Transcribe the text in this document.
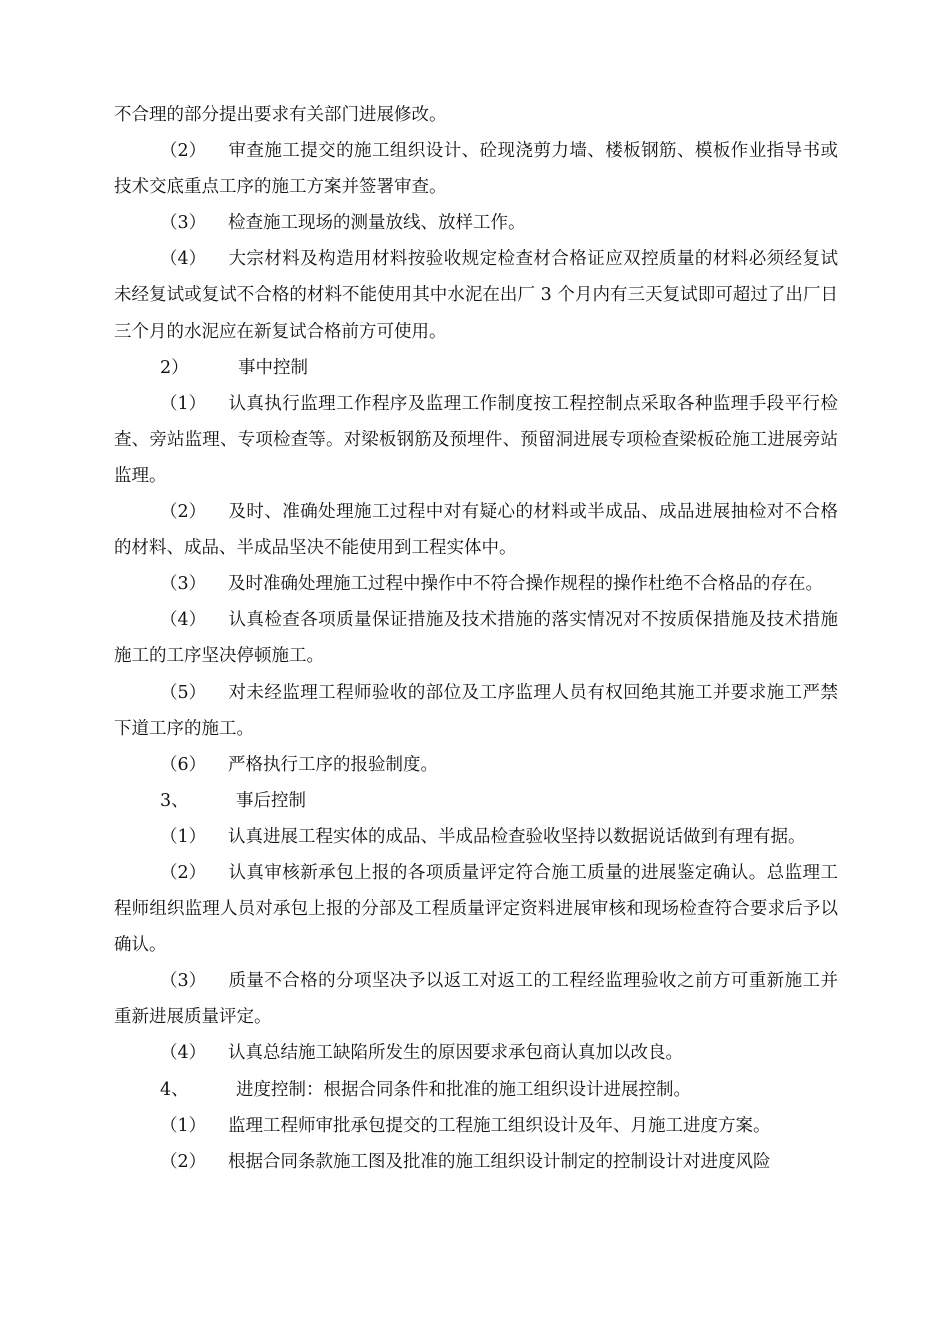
不合理的部分提出要求有关部门进展修改。

（2） 审查施工提交的施工组织设计、砼现浇剪力墙、楼板钢筋、模板作业指导书或技术交底重点工序的施工方案并签署审查。

（3） 检查施工现场的测量放线、放样工作。

（4） 大宗材料及构造用材料按验收规定检查材合格证应双控质量的材料必须经复试未经复试或复试不合格的材料不能使用其中水泥在出厂 3 个月内有三天复试即可超过了出厂日三个月的水泥应在新复试合格前方可使用。

2）	事中控制

（1） 认真执行监理工作程序及监理工作制度按工程控制点采取各种监理手段平行检查、旁站监理、专项检查等。对梁板钢筋及预埋件、预留洞进展专项检查梁板砼施工进展旁站监理。

（2） 及时、准确处理施工过程中对有疑心的材料或半成品、成品进展抽检对不合格的材料、成品、半成品坚决不能使用到工程实体中。

（3） 及时准确处理施工过程中操作中不符合操作规程的操作杜绝不合格品的存在。

（4） 认真检查各项质量保证措施及技术措施的落实情况对不按质保措施及技术措施施工的工序坚决停顿施工。

（5） 对未经监理工程师验收的部位及工序监理人员有权回绝其施工并要求施工严禁下道工序的施工。

（6） 严格执行工序的报验制度。

3、	事后控制

（1） 认真进展工程实体的成品、半成品检查验收坚持以数据说话做到有理有据。

（2） 认真审核新承包上报的各项质量评定符合施工质量的进展鉴定确认。总监理工程师组织监理人员对承包上报的分部及工程质量评定资料进展审核和现场检查符合要求后予以确认。

（3） 质量不合格的分项坚决予以返工对返工的工程经监理验收之前方可重新施工并重新进展质量评定。

（4） 认真总结施工缺陷所发生的原因要求承包商认真加以改良。

4、	进度控制：根据合同条件和批准的施工组织设计进展控制。

（1） 监理工程师审批承包提交的工程施工组织设计及年、月施工进度方案。

（2） 根据合同条款施工图及批准的施工组织设计制定的控制设计对进度风险
